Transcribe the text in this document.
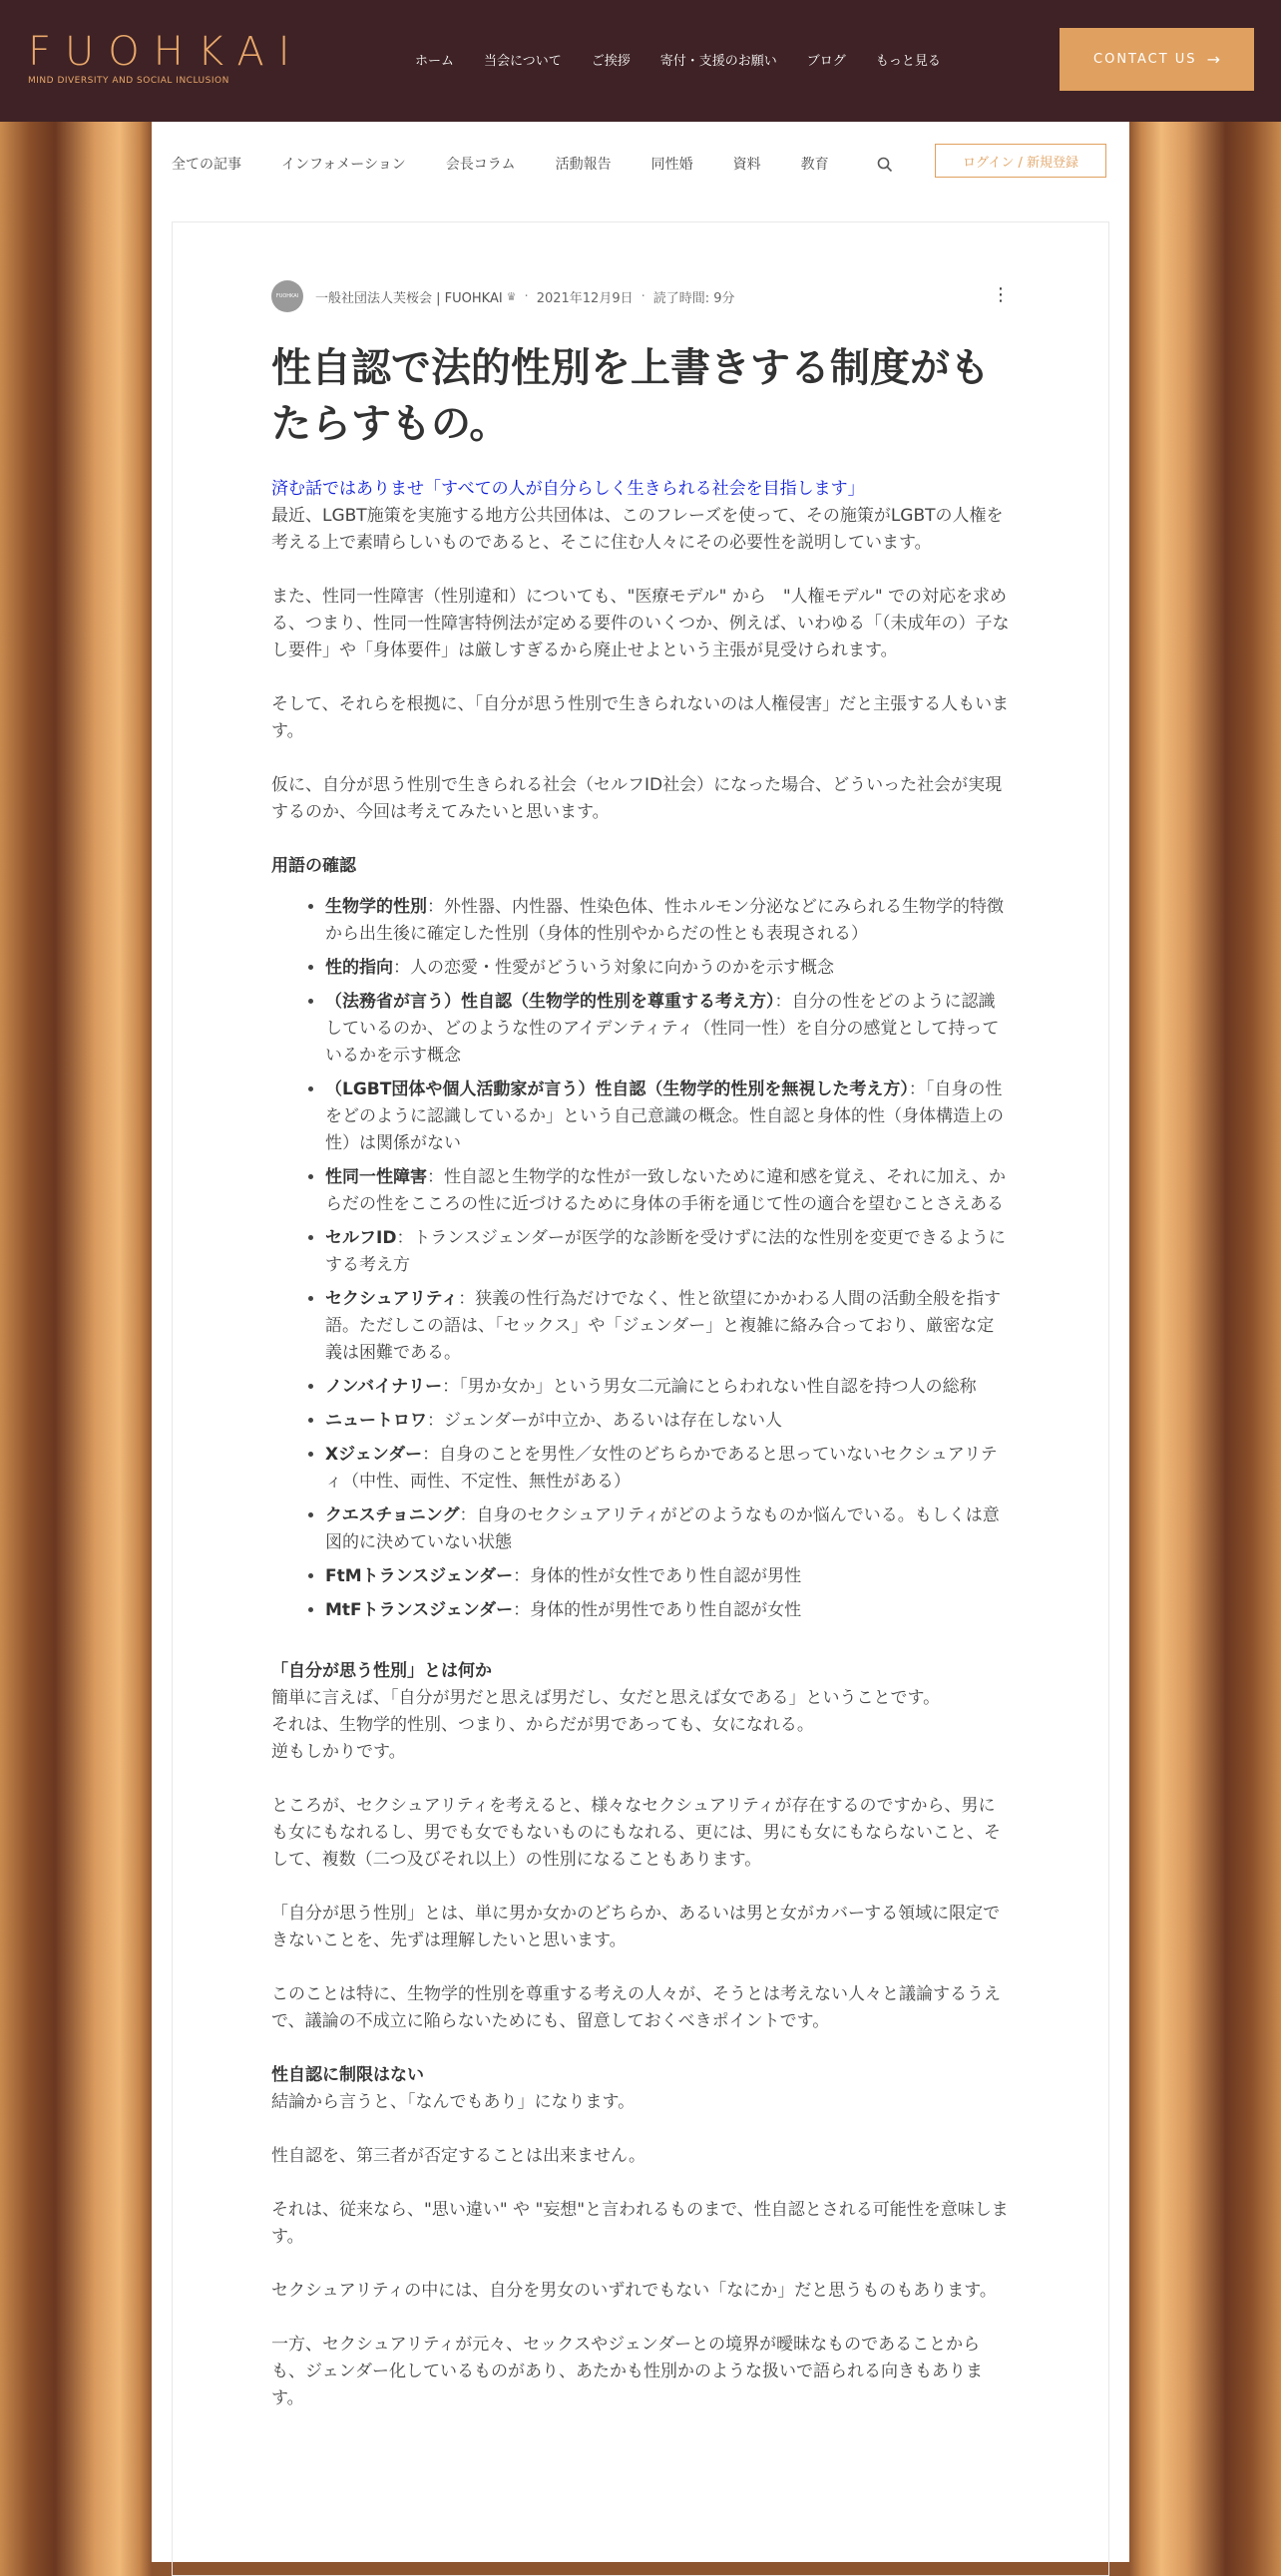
FUOHKAI
MIND DIVERSITY AND SOCIAL INCLUSION
ホーム 当会について ご挨拶 寄付・支援のお願い ブログ もっと見る	CONTACT US →
全ての記事	インフォメーション	会長コラム	活動報告	同性婚	資料	教育	ログイン / 新規登録
FUOHKAI	一般社団法人芙桜会 | FUOHKAI ♛ · 2021年12月9日 · 読了時間: 9分	⋮
性自認で法的性別を上書きする制度がもたらすもの。

済む話ではありませ「すべての人が自分らしく生きられる社会を目指します」

最近、LGBT施策を実施する地方公共団体は、このフレーズを使って、その施策がLGBTの人権を考える上で素晴らしいものであると、そこに住む人々にその必要性を説明しています。

また、性同一性障害（性別違和）についても、"医療モデル" から　"人権モデル" での対応を求める、つまり、性同一性障害特例法が定める要件のいくつか、例えば、いわゆる「（未成年の）子なし要件」や「身体要件」は厳しすぎるから廃止せよという主張が見受けられます。

そして、それらを根拠に、「自分が思う性別で生きられないのは人権侵害」だと主張する人もいます。

仮に、自分が思う性別で生きられる社会（セルフID社会）になった場合、どういった社会が実現するのか、今回は考えてみたいと思います。

用語の確認

• 生物学的性別：外性器、内性器、性染色体、性ホルモン分泌などにみられる生物学的特徴から出生後に確定した性別（身体的性別やからだの性とも表現される）
• 性的指向：人の恋愛・性愛がどういう対象に向かうのかを示す概念
• （法務省が言う）性自認（生物学的性別を尊重する考え方）：自分の性をどのように認識しているのか、どのような性のアイデンティティ（性同一性）を自分の感覚として持っているかを示す概念
• （LGBT団体や個人活動家が言う）性自認（生物学的性別を無視した考え方）：「自身の性をどのように認識しているか」という自己意識の概念。性自認と身体的性（身体構造上の性）は関係がない
• 性同一性障害：性自認と生物学的な性が一致しないために違和感を覚え、それに加え、からだの性をこころの性に近づけるために身体の手術を通じて性の適合を望むことさえある
• セルフID：トランスジェンダーが医学的な診断を受けずに法的な性別を変更できるようにする考え方
• セクシュアリティ：狭義の性行為だけでなく、性と欲望にかかわる人間の活動全般を指す語。ただしこの語は、「セックス」や「ジェンダー」と複雑に絡み合っており、厳密な定義は困難である。
• ノンバイナリー：「男か女か」という男女二元論にとらわれない性自認を持つ人の総称
• ニュートロワ：ジェンダーが中立か、あるいは存在しない人
• Xジェンダー：自身のことを男性／女性のどちらかであると思っていないセクシュアリティ（中性、両性、不定性、無性がある）
• クエスチョニング：自身のセクシュアリティがどのようなものか悩んでいる。もしくは意図的に決めていない状態
• FtMトランスジェンダー：身体的性が女性であり性自認が男性
• MtFトランスジェンダー：身体的性が男性であり性自認が女性

「自分が思う性別」とは何か

簡単に言えば、「自分が男だと思えば男だし、女だと思えば女である」ということです。

それは、生物学的性別、つまり、からだが男であっても、女になれる。

逆もしかりです。

ところが、セクシュアリティを考えると、様々なセクシュアリティが存在するのですから、男にも女にもなれるし、男でも女でもないものにもなれる、更には、男にも女にもならないこと、そして、複数（二つ及びそれ以上）の性別になることもあります。

「自分が思う性別」とは、単に男か女かのどちらか、あるいは男と女がカバーする領域に限定できないことを、先ずは理解したいと思います。

このことは特に、生物学的性別を尊重する考えの人々が、そうとは考えない人々と議論するうえで、議論の不成立に陥らないためにも、留意しておくべきポイントです。

性自認に制限はない

結論から言うと、「なんでもあり」になります。

性自認を、第三者が否定することは出来ません。

それは、従来なら、"思い違い" や "妄想"と言われるものまで、性自認とされる可能性を意味します。

セクシュアリティの中には、自分を男女のいずれでもない「なにか」だと思うものもあります。

一方、セクシュアリティが元々、セックスやジェンダーとの境界が曖昧なものであることからも、ジェンダー化しているものがあり、あたかも性別かのような扱いで語られる向きもあります。
